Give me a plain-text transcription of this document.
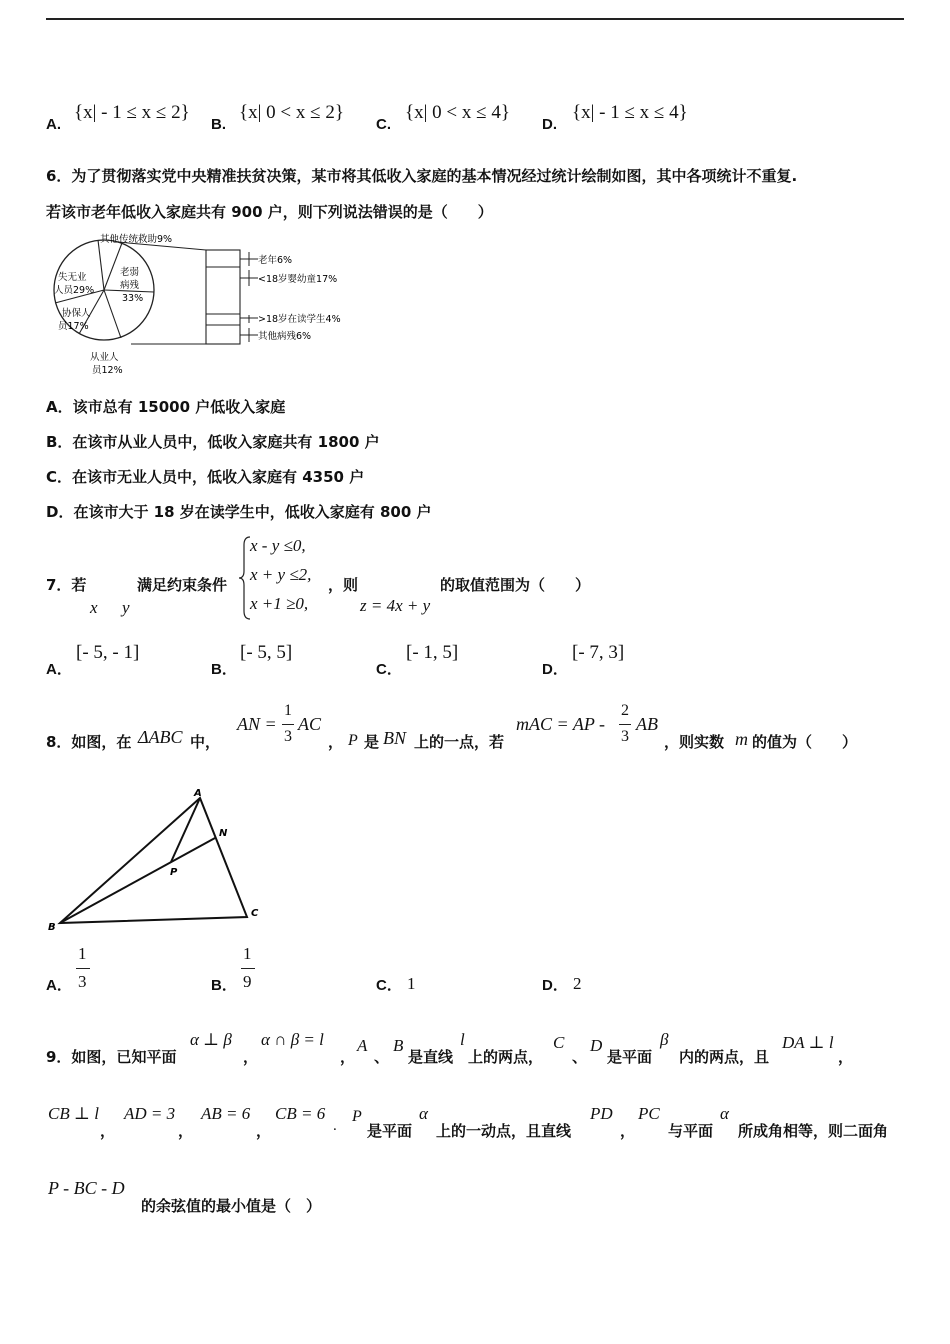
A.
{x| - 1 ≤ x ≤ 2}
B.
{x| 0 < x ≤ 2}
C.
{x| 0 < x ≤ 4}
D.
{x| - 1 ≤ x ≤ 4}
6．为了贯彻落实党中央精准扶贫决策，某市将其低收入家庭的基本情况经过统计绘制如图，其中各项统计不重复.
若该市老年低收入家庭共有 900 户，则下列说法错误的是（　　）
其他传统救助9%
失无业
人员29%
老弱
病残
33%
协保人
员17%
从业人
员12%
老年6%
<18岁婴幼童17%
>18岁在读学生4%
其他病残6%
A．该市总有 15000 户低收入家庭
B．在该市从业人员中，低收入家庭共有 1800 户
C．在该市无业人员中，低收入家庭有 4350 户
D．在该市大于 18 岁在读学生中，低收入家庭有 800 户
7．若
x y
满足约束条件
x - y ≤0,
x + y ≤2,
x +1 ≥0,
，则
z = 4x + y
的取值范围为（　　）
A．
[- 5, - 1]
B．
[- 5, 5]
C．
[- 1, 5]
D．
[- 7, 3]
8．如图，在 ΔABC 中，
AN =
1
3
AC
， P 是 BN 上的一点，若
mAC = AP -
2
3
AB
，则实数 m 的值为（　　）
A
N
P
B
C
A．
1
3	B．
1
9	C． 1	D． 2
9．如图，已知平面
α ⊥ β
，
α ∩ β = l
，
A
、
B
是直线
l
上的两点，
C
、
D
是平面
β
内的两点，且
DA ⊥ l
，
CB ⊥ l
，
AD = 3
，
AB = 6
，
CB = 6
.
P
是平面
α
上的一动点，且直线
PD
，
PC
与平面
α
所成角相等，则二面角
P - BC - D
的余弦值的最小值是（　）
